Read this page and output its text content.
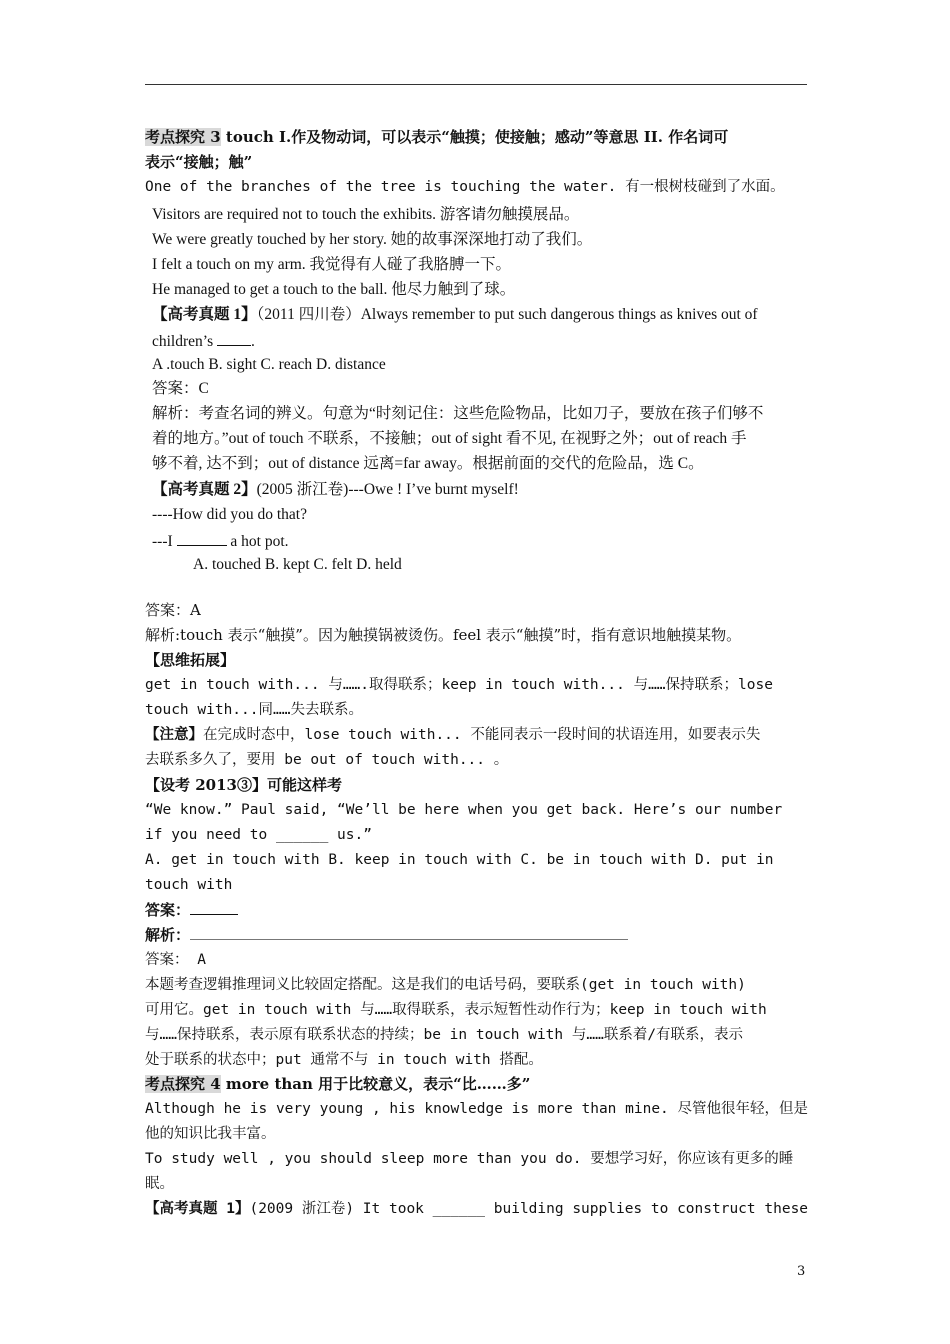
考点探究 3 touch I.作及物动词，可以表示“触摸；使接触；感动”等意思 II. 作名词可
表示“接触；触”
One of the branches of the tree is touching the water. 有一根树枝碰到了水面。
Visitors are required not to touch the exhibits. 游客请勿触摸展品。
We were greatly touched by her story. 她的故事深深地打动了我们。
I felt a touch on my arm. 我觉得有人碰了我胳膊一下。
He managed to get a touch to the ball. 他尽力触到了球。
【高考真题 1】（2011 四川卷）Always remember to put such dangerous things as knives out of
children’s .
A .touch B. sight C. reach D. distance
答案：C
解析：考查名词的辨义。句意为“时刻记住：这些危险物品，比如刀子，要放在孩子们够不
着的地方。”out of touch 不联系，不接触；out of sight 看不见, 在视野之外；out of reach 手
够不着, 达不到；out of distance 远离=far away。根据前面的交代的危险品，选 C。
【高考真题 2】(2005 浙江卷)---Owe ! I’ve burnt myself!
----How did you do that?
---I	a hot pot.
A. touched B. kept C. felt D. held
答案：A
解析:touch 表示“触摸”。因为触摸锅被烫伤。feel 表示“触摸”时，指有意识地触摸某物。
【思维拓展】
get in touch with... 与…….取得联系；keep in touch with... 与……保持联系；lose
touch with...同……失去联系。
【注意】在完成时态中，lose touch with... 不能同表示一段时间的状语连用，如要表示失
去联系多久了，要用 be out of touch with... 。
【设考 2013③】可能这样考
“We know.” Paul said, “We’ll be here when you get back. Here’s our number
if you need to ______ us.”
A. get in touch with B. keep in touch with C. be in touch with D. put in
touch with
答案：
解析：
答案： A
本题考查逻辑推理词义比较固定搭配。这是我们的电话号码，要联系(get in touch with)
可用它。get in touch with 与……取得联系，表示短暂性动作行为；keep in touch with
与……保持联系，表示原有联系状态的持续；be in touch with 与……联系着/有联系，表示
处于联系的状态中；put 通常不与 in touch with 搭配。
考点探究 4 more than 用于比较意义，表示“比……多”
Although he is very young , his knowledge is more than mine. 尽管他很年轻，但是
他的知识比我丰富。
To study well , you should sleep more than you do. 要想学习好，你应该有更多的睡
眠。
【高考真题 1】(2009 浙江卷) It took ______ building supplies to construct these
3
